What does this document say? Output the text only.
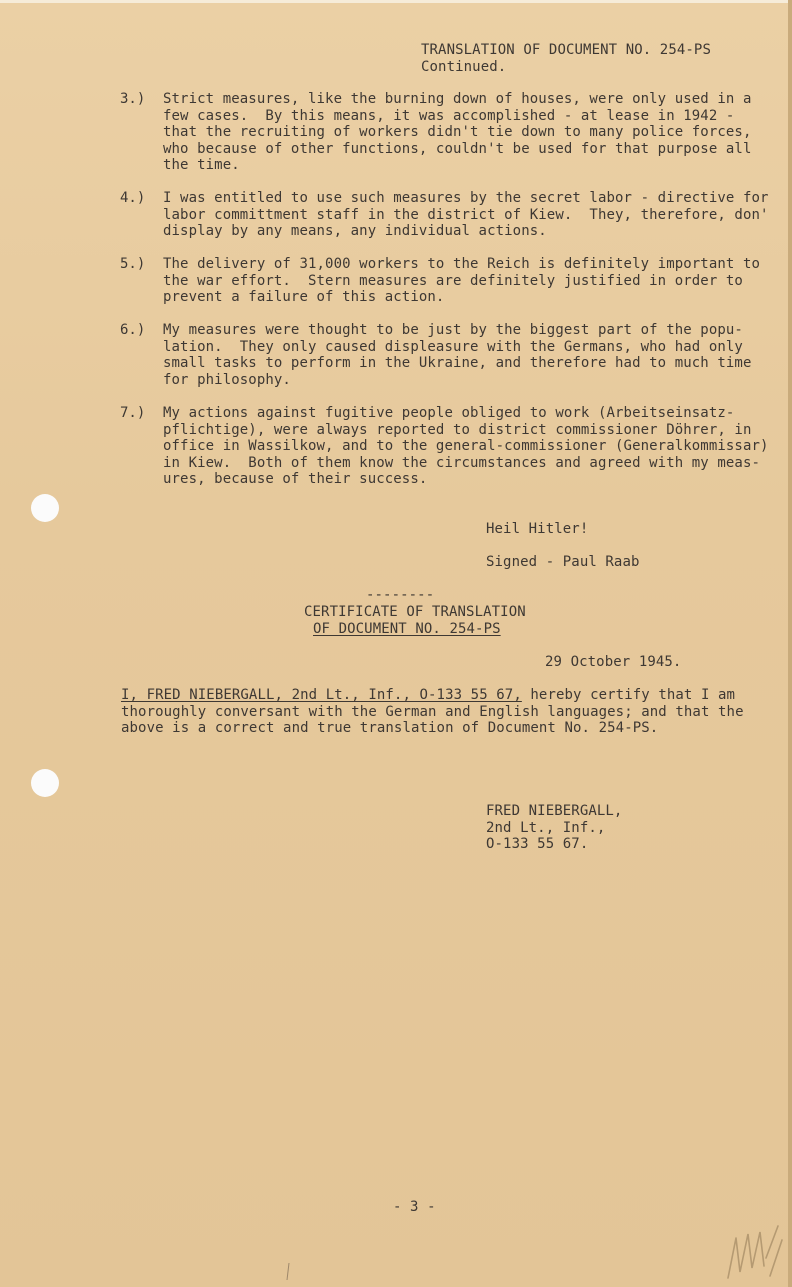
TRANSLATION OF DOCUMENT NO. 254-PS
Continued.
3.) Strict measures, like the burning down of houses, were only used in a
few cases.  By this means, it was accomplished - at lease in 1942 -
that the recruiting of workers didn't tie down to many police forces,
who because of other functions, couldn't be used for that purpose all
the time.
4.) I was entitled to use such measures by the secret labor - directive for
labor committment staff in the district of Kiew.  They, therefore, don'
display by any means, any individual actions.
5.) The delivery of 31,000 workers to the Reich is definitely important to
the war effort.  Stern measures are definitely justified in order to
prevent a failure of this action.
6.) My measures were thought to be just by the biggest part of the popu-
lation.  They only caused displeasure with the Germans, who had only
small tasks to perform in the Ukraine, and therefore had to much time
for philosophy.
7.) My actions against fugitive people obliged to work (Arbeitseinsatz-
pflichtige), were always reported to district commissioner Döhrer, in
office in Wassilkow, and to the general-commissioner (Generalkommissar)
in Kiew.  Both of them know the circumstances and agreed with my meas-
ures, because of their success.
Heil Hitler!
Signed - Paul Raab
--------
CERTIFICATE OF TRANSLATION
OF DOCUMENT NO. 254-PS
29 October 1945.
I, FRED NIEBERGALL, 2nd Lt., Inf., O-133 55 67, hereby certify that I am
thoroughly conversant with the German and English languages; and that the
above is a correct and true translation of Document No. 254-PS.
FRED NIEBERGALL,
2nd Lt., Inf.,
O-133 55 67.
- 3 -
